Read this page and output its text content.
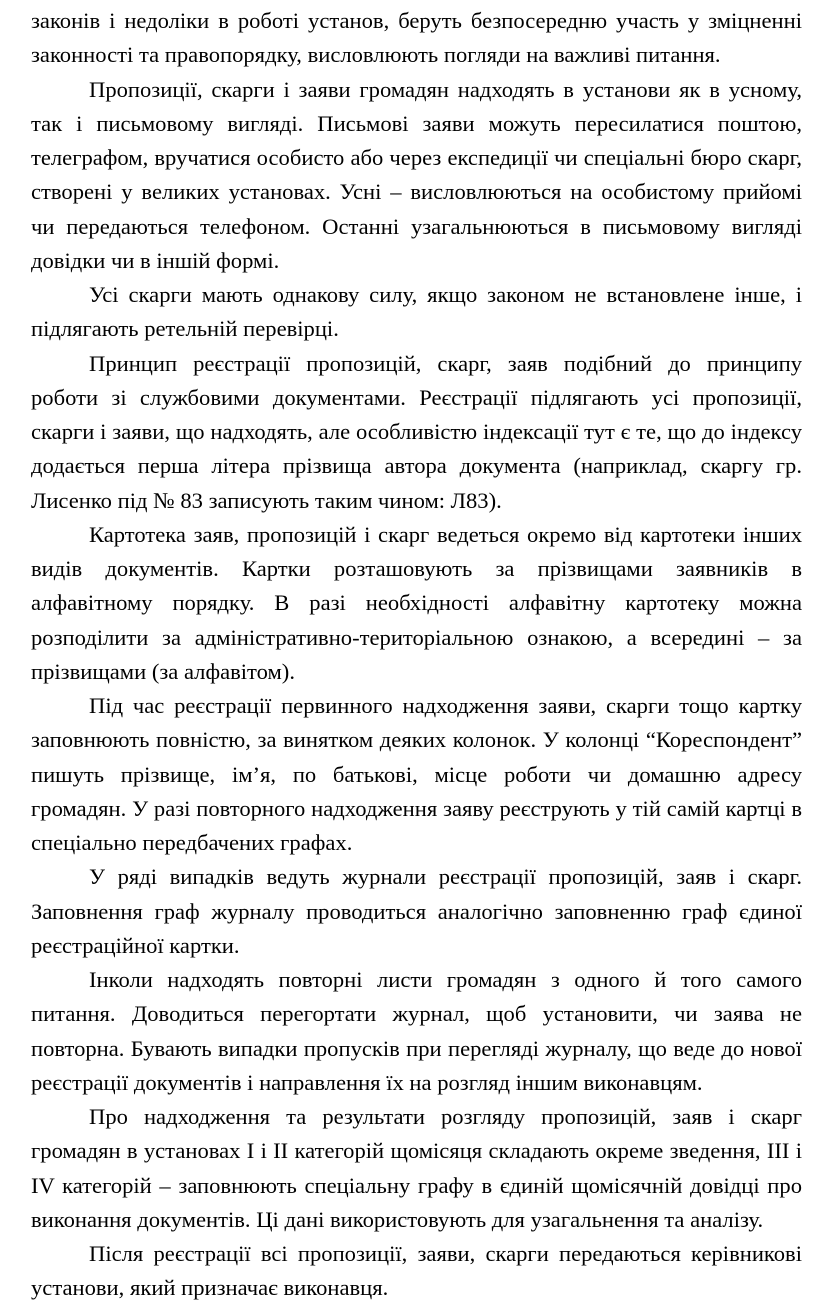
законів і недоліки в роботі установ, беруть безпосередню участь у зміцненні законності та правопорядку, висловлюють погляди на важливі питання.

Пропозиції, скарги і заяви громадян надходять в установи як в усному, так і письмовому вигляді. Письмові заяви можуть пересилатися поштою, телеграфом, вручатися особисто або через експедиції чи спеціальні бюро скарг, створені у великих установах. Усні – висловлюються на особистому прийомі чи передаються телефоном. Останні узагальнюються в письмовому вигляді довідки чи в іншій формі.

Усі скарги мають однакову силу, якщо законом не встановлене інше, і підлягають ретельній перевірці.

Принцип реєстрації пропозицій, скарг, заяв подібний до принципу роботи зі службовими документами. Реєстрації підлягають усі пропозиції, скарги і заяви, що надходять, але особливістю індексації тут є те, що до індексу додається перша літера прізвища автора документа (наприклад, скаргу гр. Лисенко під № 83 записують таким чином: Л83).

Картотека заяв, пропозицій і скарг ведеться окремо від картотеки інших видів документів. Картки розташовують за прізвищами заявників в алфавітному порядку. В разі необхідності алфавітну картотеку можна розподілити за адміністративно-територіальною ознакою, а всередині – за прізвищами (за алфавітом).

Під час реєстрації первинного надходження заяви, скарги тощо картку заповнюють повністю, за винятком деяких колонок. У колонці “Кореспондент” пишуть прізвище, ім’я, по батькові, місце роботи чи домашню адресу громадян. У разі повторного надходження заяву реєструють у тій самій картці в спеціально передбачених графах.

У ряді випадків ведуть журнали реєстрації пропозицій, заяв і скарг. Заповнення граф журналу проводиться аналогічно заповненню граф єдиної реєстраційної картки.

Інколи надходять повторні листи громадян з одного й того самого питання. Доводиться перегортати журнал, щоб установити, чи заява не повторна. Бувають випадки пропусків при перегляді журналу, що веде до нової реєстрації документів і направлення їх на розгляд іншим виконавцям.

Про надходження та результати розгляду пропозицій, заяв і скарг громадян в установах І і ІІ категорій щомісяця складають окреме зведення, ІІІ і ІV категорій – заповнюють спеціальну графу в єдиній щомісячній довідці про виконання документів. Ці дані використовують для узагальнення та аналізу.

Після реєстрації всі пропозиції, заяви, скарги передаються керівникові установи, який призначає виконавця.
